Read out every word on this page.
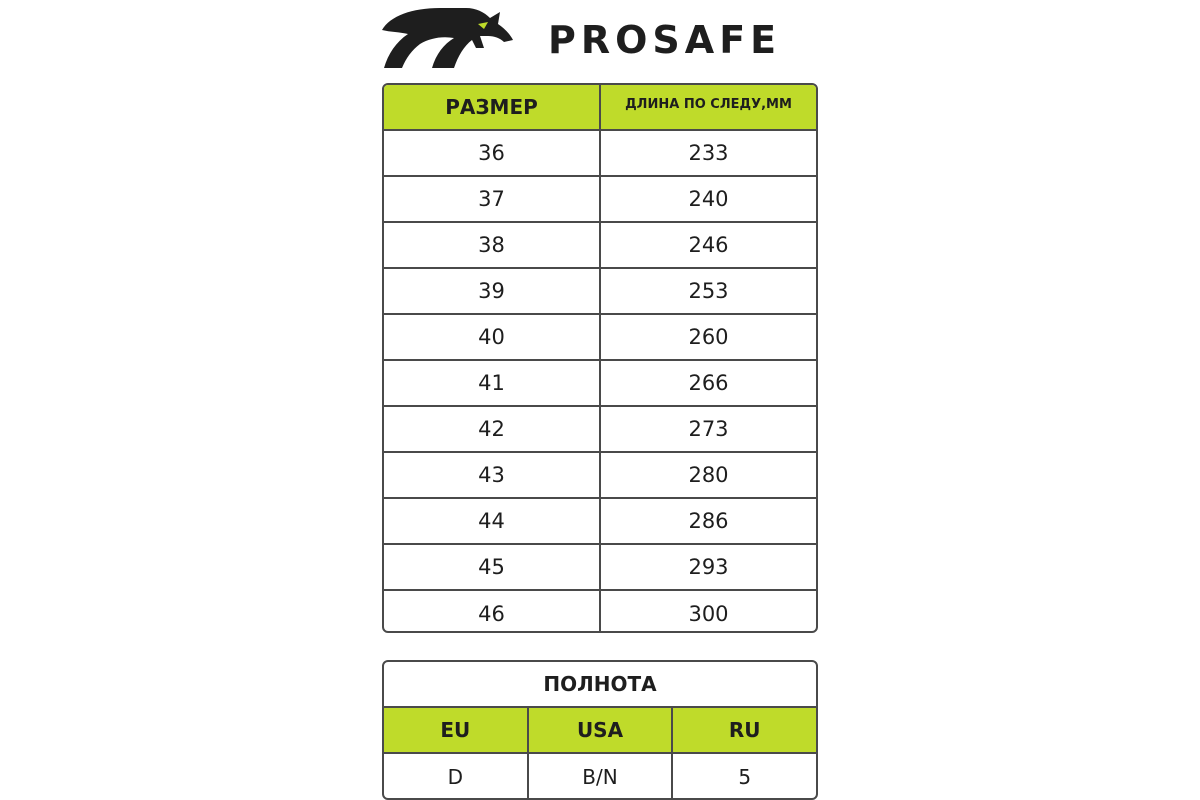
PROSAFE
РАЗМЕР	ДЛИНА ПО СЛЕДУ, ММ
36	233
37	240
38	246
39	253
40	260
41	266
42	273
43	280
44	286
45	293
46	300
ПОЛНОТА
EU	USA	RU
D	B/N	5
